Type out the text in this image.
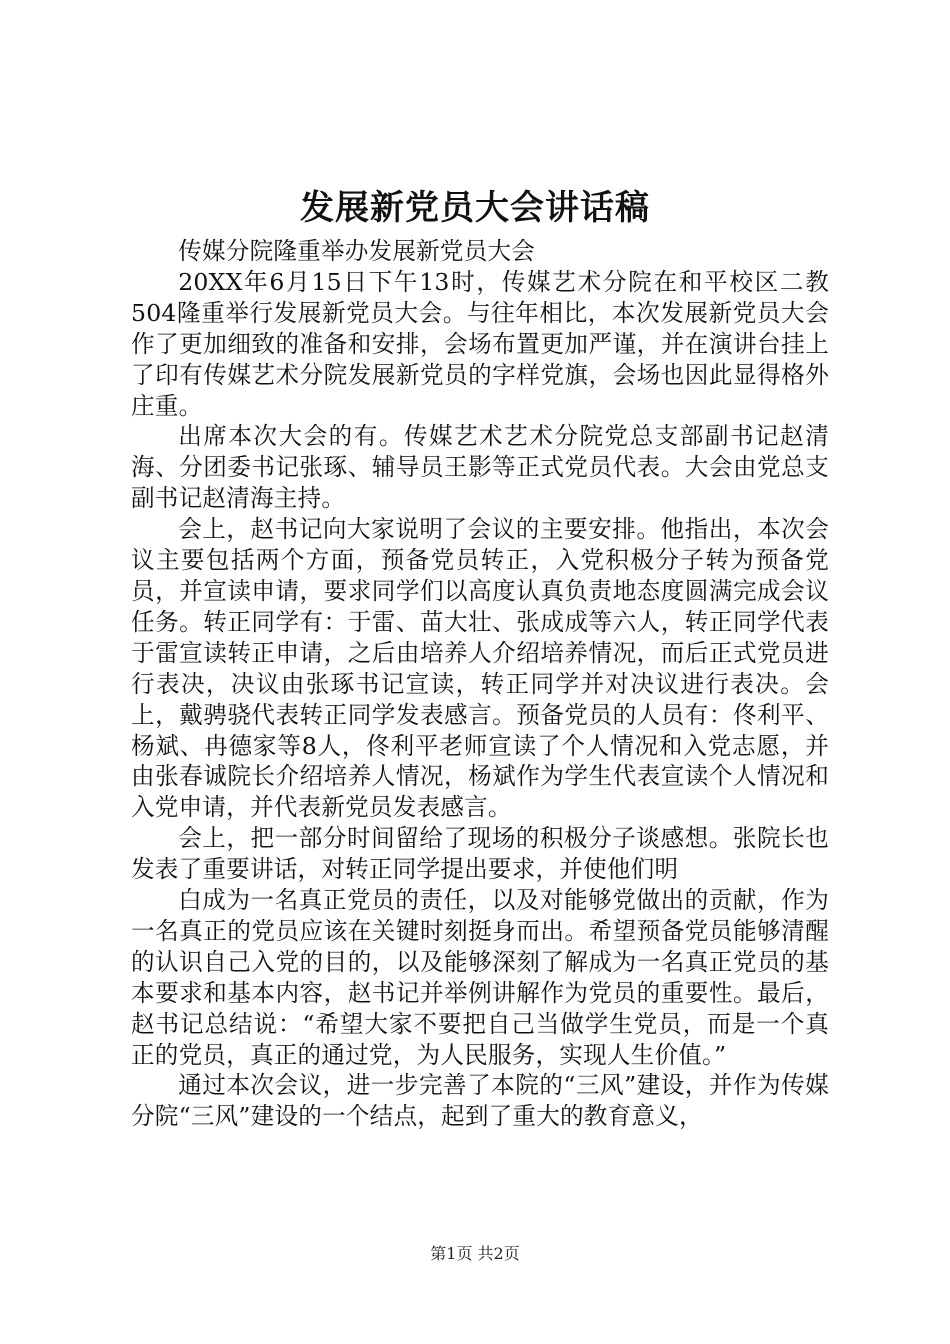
发展新党员大会讲话稿

传媒分院隆重举办发展新党员大会

20XX年6月15日下午13时，传媒艺术分院在和平校区二教504隆重举行发展新党员大会。与往年相比，本次发展新党员大会作了更加细致的准备和安排，会场布置更加严谨，并在演讲台挂上了印有传媒艺术分院发展新党员的字样党旗，会场也因此显得格外庄重。

出席本次大会的有。传媒艺术艺术分院党总支部副书记赵清海、分团委书记张琢、辅导员王影等正式党员代表。大会由党总支副书记赵清海主持。

会上，赵书记向大家说明了会议的主要安排。他指出，本次会议主要包括两个方面，预备党员转正，入党积极分子转为预备党员，并宣读申请，要求同学们以高度认真负责地态度圆满完成会议任务。转正同学有：于雷、苗大壮、张成成等六人，转正同学代表于雷宣读转正申请，之后由培养人介绍培养情况，而后正式党员进行表决，决议由张琢书记宣读，转正同学并对决议进行表决。会上，戴骋骁代表转正同学发表感言。预备党员的人员有：佟利平、杨斌、冉德家等8人，佟利平老师宣读了个人情况和入党志愿，并由张春诚院长介绍培养人情况，杨斌作为学生代表宣读个人情况和入党申请，并代表新党员发表感言。

会上，把一部分时间留给了现场的积极分子谈感想。张院长也发表了重要讲话，对转正同学提出要求，并使他们明

白成为一名真正党员的责任，以及对能够党做出的贡献，作为一名真正的党员应该在关键时刻挺身而出。希望预备党员能够清醒的认识自己入党的目的，以及能够深刻了解成为一名真正党员的基本要求和基本内容，赵书记并举例讲解作为党员的重要性。最后，赵书记总结说：“希望大家不要把自己当做学生党员，而是一个真正的党员，真正的通过党，为人民服务，实现人生价值。”

通过本次会议，进一步完善了本院的“三风”建设，并作为传媒分院“三风”建设的一个结点，起到了重大的教育意义，

第1页 共2页
